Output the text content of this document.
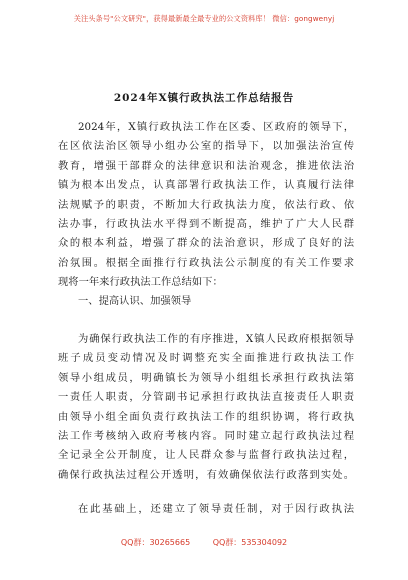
关注头条号"公文研究"，获得最新最全最专业的公文资料库！ 微信：gongwenyj
2024年X镇行政执法工作总结报告
2024年，X镇行政执法工作在区委、区政府的领导下，
在区依法治区领导小组办公室的指导下，以加强法治宣传
教育，增强干部群众的法律意识和法治观念，推进依法治
镇为根本出发点，认真部署行政执法工作，认真履行法律
法规赋予的职责，不断加大行政执法力度，依法行政、依
法办事，行政执法水平得到不断提高，维护了广大人民群
众的根本利益，增强了群众的法治意识，形成了良好的法
治氛围。根据全面推行行政执法公示制度的有关工作要求
现将一年来行政执法工作总结如下：
一、提高认识、加强领导
为确保行政执法工作的有序推进，X镇人民政府根据领导
班子成员变动情况及时调整充实全面推进行政执法工作
领导小组成员，明确镇长为领导小组组长承担行政执法第
一责任人职责，分管副书记承担行政执法直接责任人职责
由领导小组全面负责行政执法工作的组织协调，将行政执
法工作考核纳入政府考核内容。同时建立起行政执法过程
全记录全公开制度，让人民群众参与监督行政执法过程，
确保行政执法过程公开透明，有效确保依法行政落到实处。
在此基础上，还建立了领导责任制，对于因行政执法
QQ群：30265665	QQ群：535304092
